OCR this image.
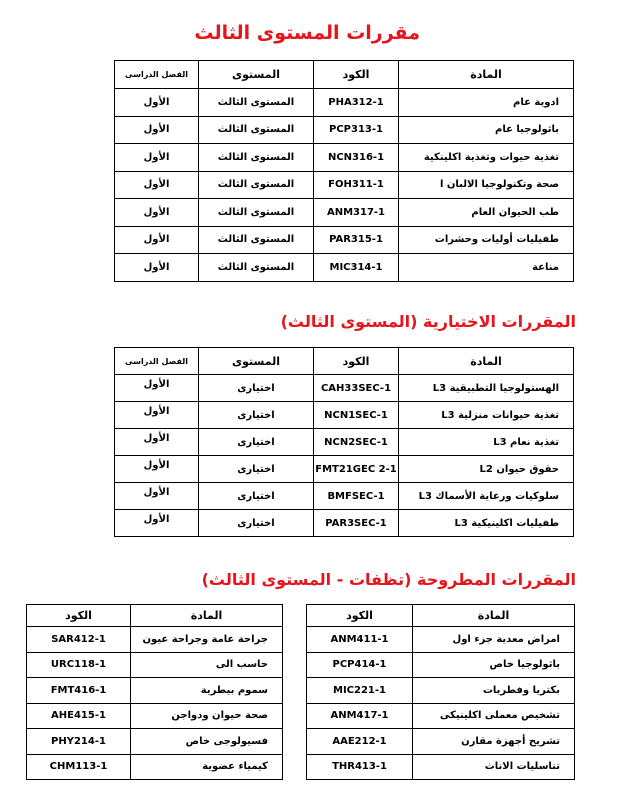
مقررات المستوى الثالث
المادة	الكود	المستوى	الفصل الدراسى
ادوية عام	PHA312-1	المستوى الثالث	الأول
باثولوجيا عام	PCP313-1	المستوى الثالث	الأول
تغذية حيوات وتغذية اكلينكية	NCN316-1	المستوى الثالث	الأول
صحة وتكنولوجيا الالبان ا	FOH311-1	المستوى الثالث	الأول
طب الحيوان العام	ANM317-1	المستوى الثالث	الأول
طفيليات أوليات وحشرات	PAR315-1	المستوى الثالث	الأول
مناعة	MIC314-1	المستوى الثالث	الأول
المقررات الاختيارية (المستوى الثالث)
المادة	الكود	المستوى	الفصل الدراسى
الهستولوجيا التطبيقية L3	CAH33SEC-1	اختيارى	الأول
تغذية حيوانات منزلية L3	NCN1SEC-1	اختيارى	الأول
تغذية نعام L3	NCN2SEC-1	اختيارى	الأول
حقوق حيوان L2	FMT21GEC 2-1	اختيارى	الأول
سلوكيات ورعاية الأسماك L3	BMFSEC-1	اختيارى	الأول
طفيليات اكلينيكية L3	PAR3SEC-1	اختيارى	الأول
المقررات المطروحة (تظفات - المستوى الثالث)
المادة	الكود
امراض معدية جزء اول	ANM411-1
باثولوجيا خاص	PCP414-1
بكتريا وفطريات	MIC221-1
تشخيص معملى اكلينيكى	ANM417-1
تشريح أجهزة مقارن	AAE212-1
تناسليات الاناث	THR413-1
المادة	الكود
جراحة عامة وجراحة عيون	SAR412-1
حاسب الى	URC118-1
سموم بيطرية	FMT416-1
صحة حيوان ودواجن	AHE415-1
فسيولوجى خاص	PHY214-1
كيمياء عضوية	CHM113-1
